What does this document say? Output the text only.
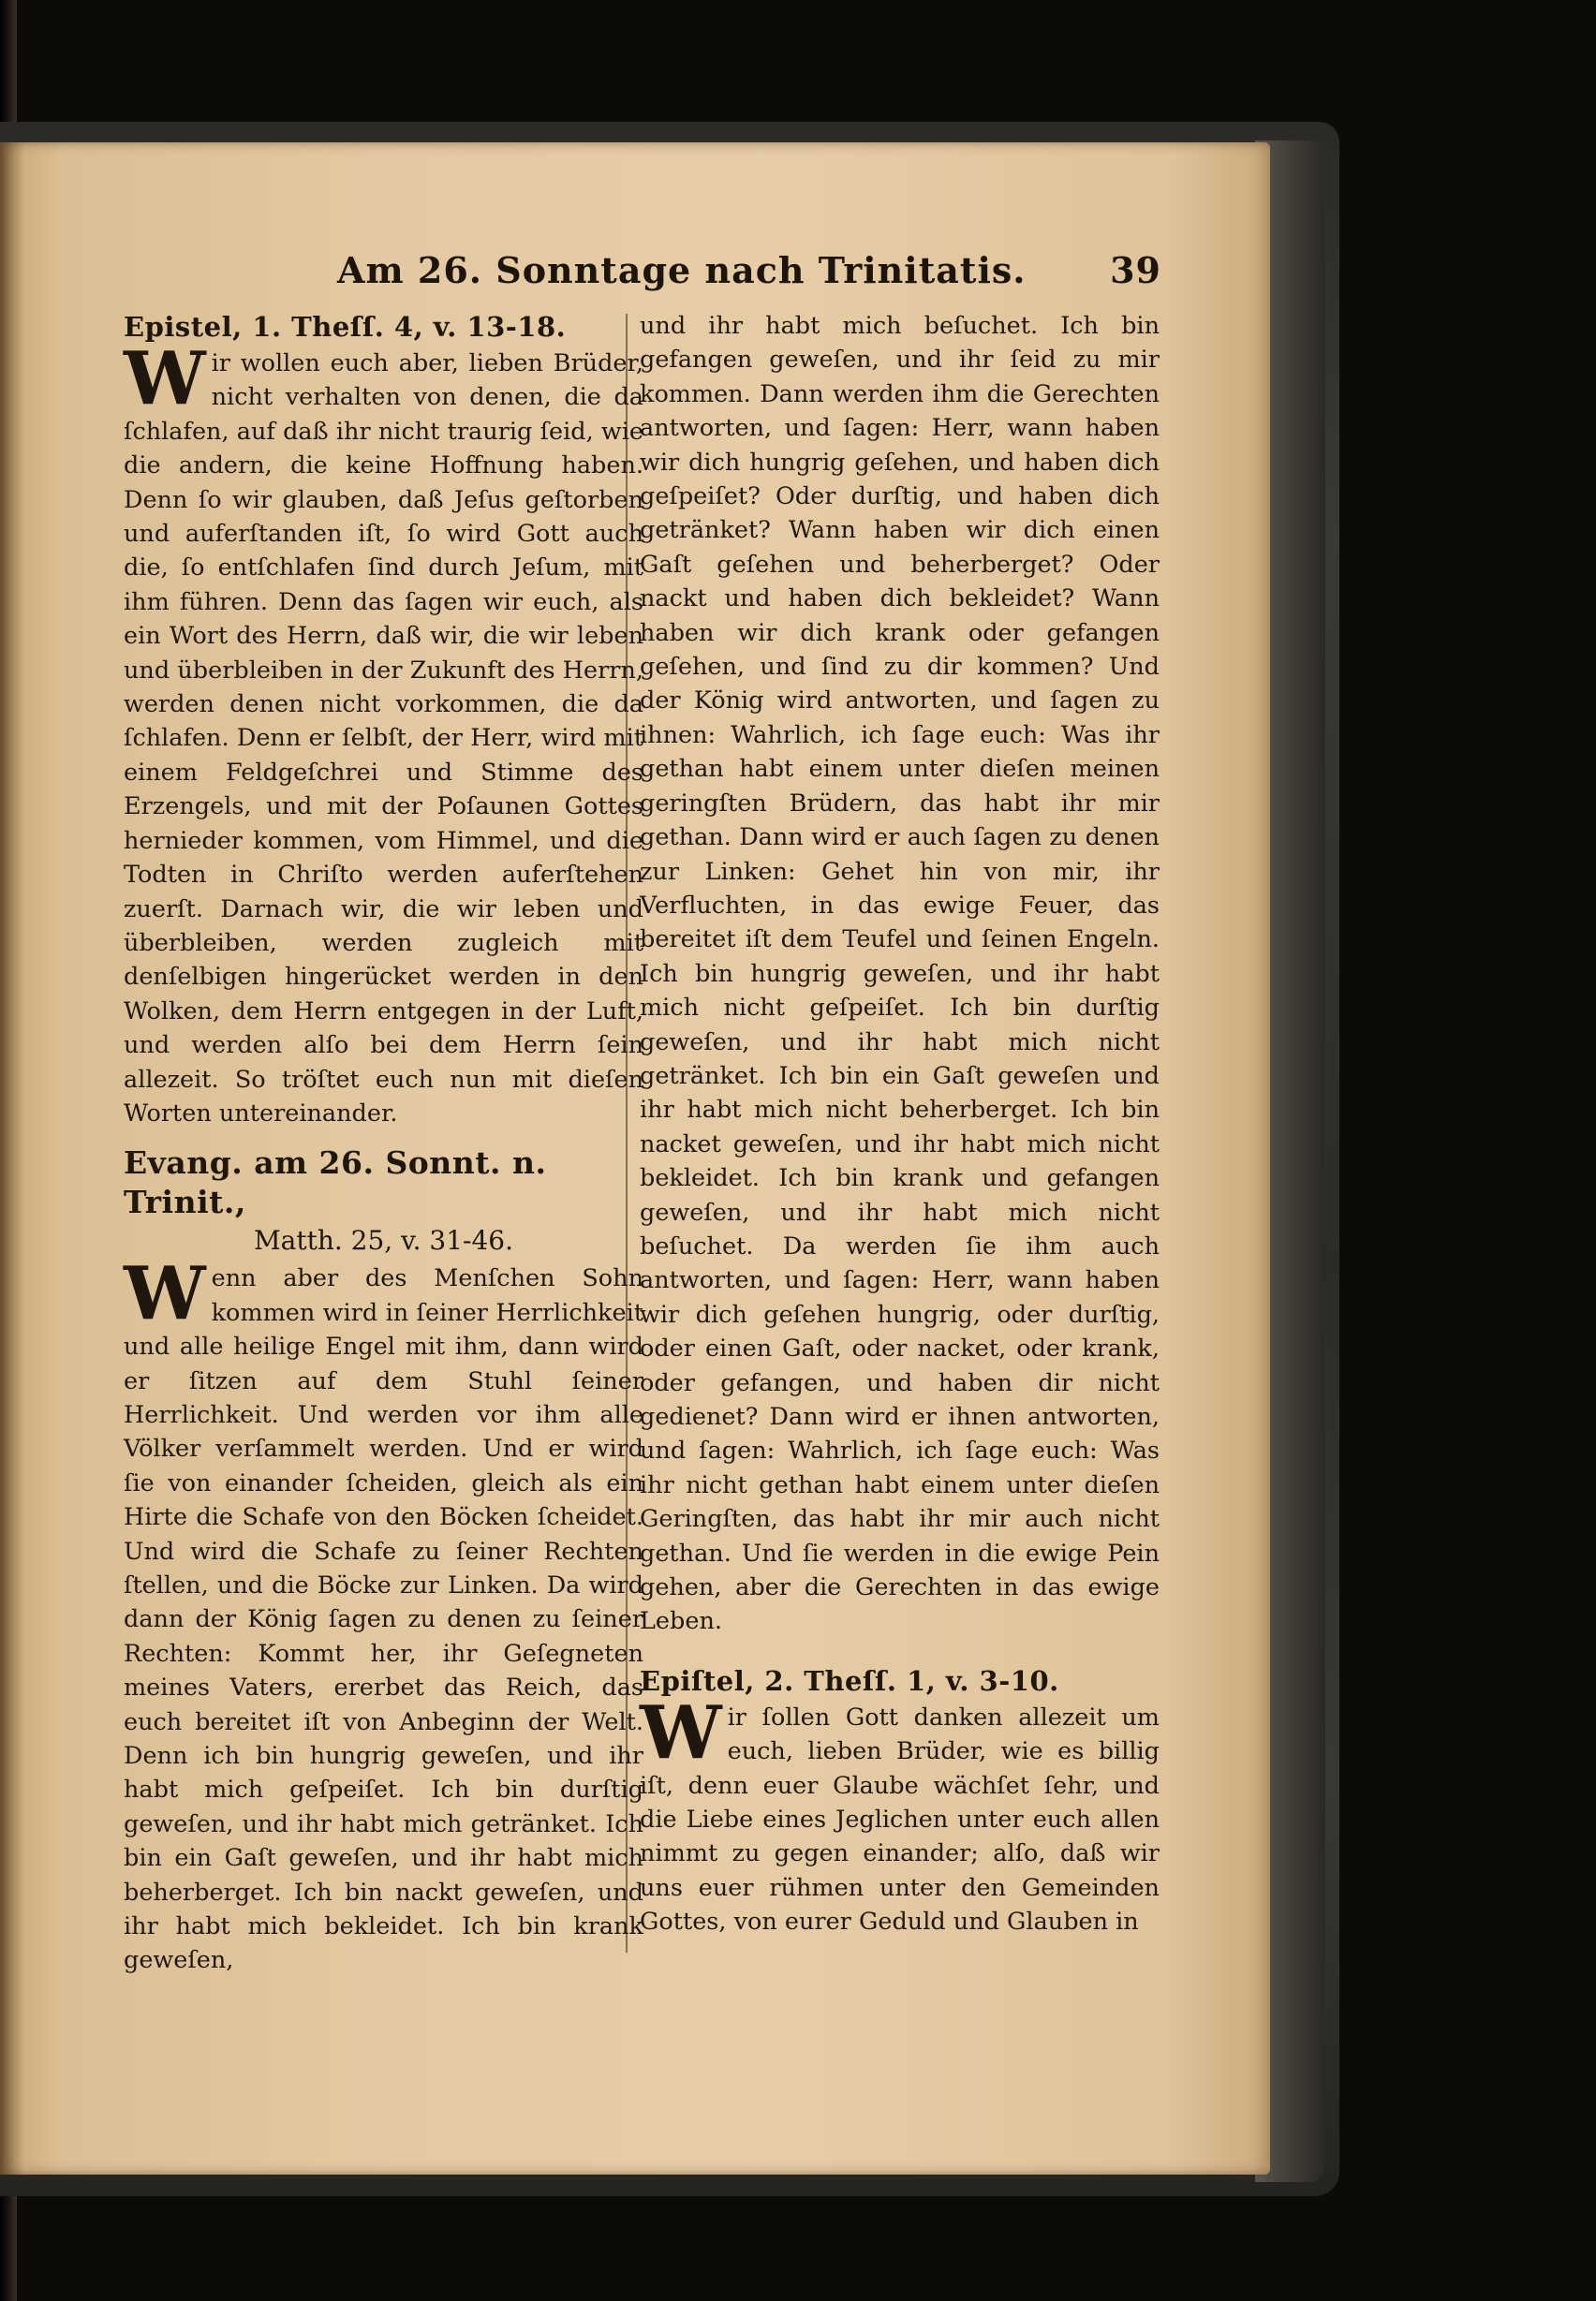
Am 26. Sonntage nach Trinitatis. 39
Epistel, 1. Theſſ. 4, v. 13-18.

Wir wollen euch aber, lieben Brüder, nicht verhalten von denen, die da ſchlafen, auf daß ihr nicht traurig ſeid, wie die andern, die keine Hoffnung haben. Denn ſo wir glauben, daß Jeſus geſtorben und auferſtanden iſt, ſo wird Gott auch die, ſo entſchlafen ſind durch Jeſum, mit ihm führen. Denn das ſagen wir euch, als ein Wort des Herrn, daß wir, die wir leben und überbleiben in der Zukunft des Herrn, werden denen nicht vorkommen, die da ſchlafen. Denn er ſelbſt, der Herr, wird mit einem Feldgeſchrei und Stimme des Erzengels, und mit der Poſaunen Gottes hernieder kommen, vom Himmel, und die Todten in Chriſto werden auferſtehen zuerſt. Darnach wir, die wir leben und überbleiben, werden zugleich mit denſelbigen hingerücket werden in den Wolken, dem Herrn entgegen in der Luft, und werden alſo bei dem Herrn ſein allezeit. So tröſtet euch nun mit dieſen Worten untereinander.

Evang. am 26. Sonnt. n. Trinit.,
Matth. 25, v. 31-46.

Wenn aber des Menſchen Sohn kommen wird in ſeiner Herrlichkeit und alle heilige Engel mit ihm, dann wird er ſitzen auf dem Stuhl ſeiner Herrlichkeit. Und werden vor ihm alle Völker verſammelt werden. Und er wird ſie von einander ſcheiden, gleich als ein Hirte die Schafe von den Böcken ſcheidet. Und wird die Schafe zu ſeiner Rechten ſtellen, und die Böcke zur Linken. Da wird dann der König ſagen zu denen zu ſeiner Rechten: Kommt her, ihr Geſegneten meines Vaters, ererbet das Reich, das euch bereitet iſt von Anbeginn der Welt. Denn ich bin hungrig geweſen, und ihr habt mich geſpeiſet. Ich bin durſtig geweſen, und ihr habt mich getränket. Ich bin ein Gaſt geweſen, und ihr habt mich beherberget. Ich bin nackt geweſen, und ihr habt mich bekleidet. Ich bin krank geweſen,

und ihr habt mich beſuchet. Ich bin gefangen geweſen, und ihr ſeid zu mir kommen. Dann werden ihm die Gerechten antworten, und ſagen: Herr, wann haben wir dich hungrig geſehen, und haben dich geſpeiſet? Oder durſtig, und haben dich getränket? Wann haben wir dich einen Gaſt geſehen und beherberget? Oder nackt und haben dich bekleidet? Wann haben wir dich krank oder gefangen geſehen, und ſind zu dir kommen? Und der König wird antworten, und ſagen zu ihnen: Wahrlich, ich ſage euch: Was ihr gethan habt einem unter dieſen meinen geringſten Brüdern, das habt ihr mir gethan. Dann wird er auch ſagen zu denen zur Linken: Gehet hin von mir, ihr Verfluchten, in das ewige Feuer, das bereitet iſt dem Teufel und ſeinen Engeln. Ich bin hungrig geweſen, und ihr habt mich nicht geſpeiſet. Ich bin durſtig geweſen, und ihr habt mich nicht getränket. Ich bin ein Gaſt geweſen und ihr habt mich nicht beherberget. Ich bin nacket geweſen, und ihr habt mich nicht bekleidet. Ich bin krank und gefangen geweſen, und ihr habt mich nicht beſuchet. Da werden ſie ihm auch antworten, und ſagen: Herr, wann haben wir dich geſehen hungrig, oder durſtig, oder einen Gaſt, oder nacket, oder krank, oder gefangen, und haben dir nicht gedienet? Dann wird er ihnen antworten, und ſagen: Wahrlich, ich ſage euch: Was ihr nicht gethan habt einem unter dieſen Geringſten, das habt ihr mir auch nicht gethan. Und ſie werden in die ewige Pein gehen, aber die Gerechten in das ewige Leben.

Epiſtel, 2. Theſſ. 1, v. 3-10.

Wir ſollen Gott danken allezeit um euch, lieben Brüder, wie es billig iſt, denn euer Glaube wächſet ſehr, und die Liebe eines Jeglichen unter euch allen nimmt zu gegen einander; alſo, daß wir uns euer rühmen unter den Gemeinden Gottes, von eurer Geduld und Glauben in
